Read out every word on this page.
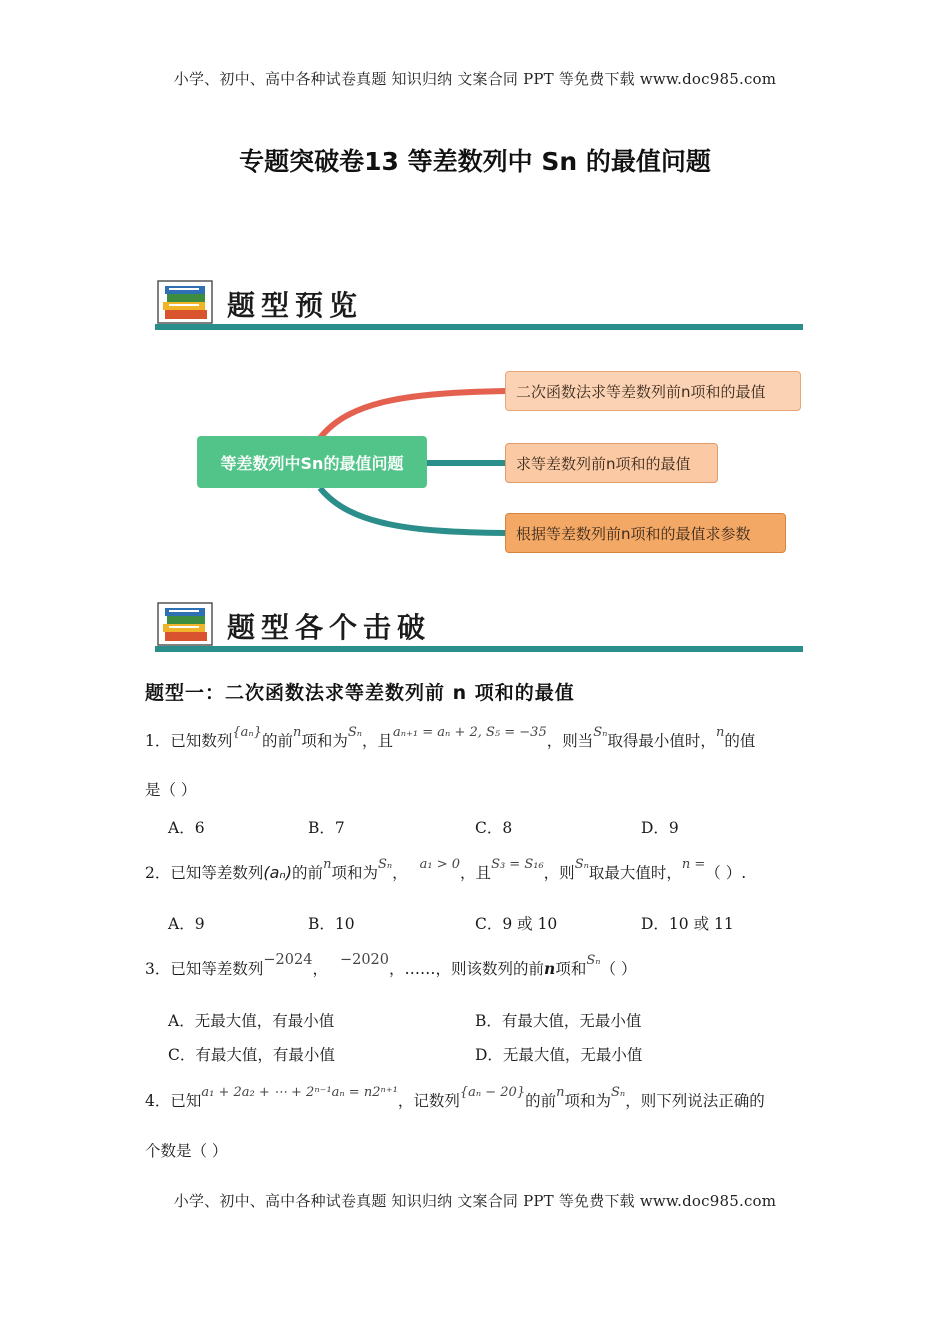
小学、初中、高中各种试卷真题 知识归纳 文案合同 PPT 等免费下载 www.doc985.com
专题突破卷13 等差数列中 Sn 的最值问题
题型预览
等差数列中Sn的最值问题
二次函数法求等差数列前n项和的最值
求等差数列前n项和的最值
根据等差数列前n项和的最值求参数
题型各个击破
题型一：二次函数法求等差数列前 n 项和的最值
1．已知数列$^{\{a_n\}}$的前$^n$项和为$^{S_n}$，且$^{a_{n+1} = a_n + 2, S_5 = -35}$，则当$^{S_n}$取得最小值时，$^n$的值
是（ ）
A．6	B．7	C．8	D．9
2．已知等差数列(aₙ)的前$^n$项和为$^{S_n}$， $^{a_1 > 0}$，且$^{S_3 = S_{16}}$，则$^{S_n}$取最大值时，$^{n =}$（ ）.
A．9	B．10	C．9 或 10	D．10 或 11
3．已知等差数列−2024， −2020，……，则该数列的前n项和$^{S_n}$（ ）
A．无最大值，有最小值	B．有最大值，无最小值
C．有最大值，有最小值	D．无最大值，无最小值
4．已知$^{a_1 + 2a_2 + \cdots + 2^{n-1}a_n = n2^{n+1}}$，记数列$^{\{a_n - 20\}}$的前$^n$项和为$^{S_n}$，则下列说法正确的
个数是（ ）
小学、初中、高中各种试卷真题 知识归纳 文案合同 PPT 等免费下载 www.doc985.com
